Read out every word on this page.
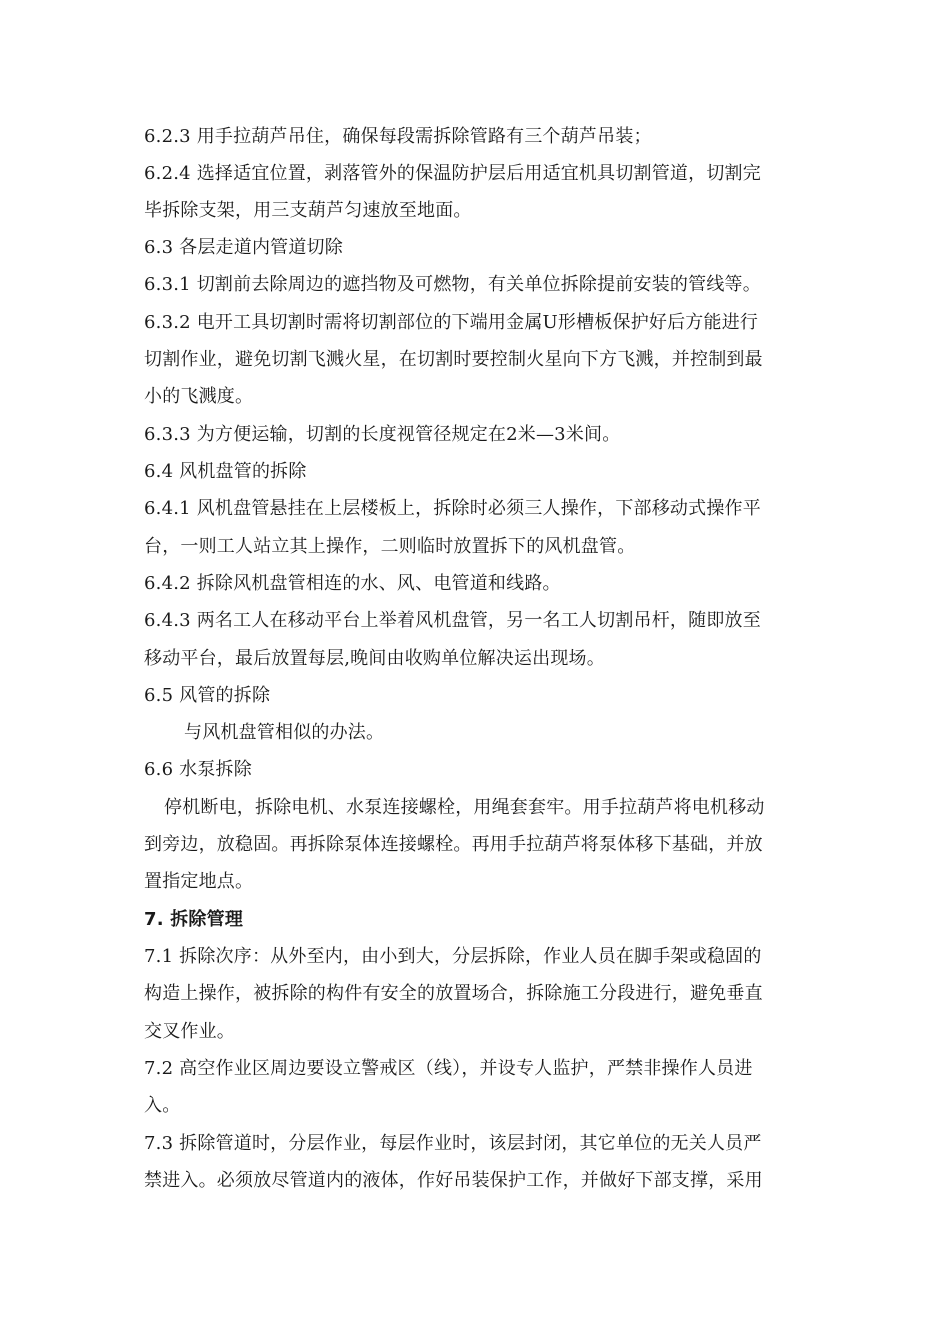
6.2.3 用手拉葫芦吊住，确保每段需拆除管路有三个葫芦吊装；
6.2.4 选择适宜位置，剥落管外的保温防护层后用适宜机具切割管道，切割完
毕拆除支架，用三支葫芦匀速放至地面。
6.3 各层走道内管道切除
6.3.1 切割前去除周边的遮挡物及可燃物，有关单位拆除提前安装的管线等。
6.3.2 电开工具切割时需将切割部位的下端用金属U形槽板保护好后方能进行
切割作业，避免切割飞溅火星，在切割时要控制火星向下方飞溅，并控制到最
小的飞溅度。
6.3.3 为方便运输，切割的长度视管径规定在2米—3米间。
6.4 风机盘管的拆除
6.4.1 风机盘管悬挂在上层楼板上，拆除时必须三人操作，下部移动式操作平
台，一则工人站立其上操作，二则临时放置拆下的风机盘管。
6.4.2 拆除风机盘管相连的水、风、电管道和线路。
6.4.3 两名工人在移动平台上举着风机盘管，另一名工人切割吊杆，随即放至
移动平台，最后放置每层,晚间由收购单位解决运出现场。
6.5 风管的拆除
与风机盘管相似的办法。
6.6 水泵拆除
停机断电，拆除电机、水泵连接螺栓，用绳套套牢。用手拉葫芦将电机移动
到旁边，放稳固。再拆除泵体连接螺栓。再用手拉葫芦将泵体移下基础，并放
置指定地点。
7. 拆除管理
7.1 拆除次序：从外至内，由小到大，分层拆除，作业人员在脚手架或稳固的
构造上操作，被拆除的构件有安全的放置场合，拆除施工分段进行，避免垂直
交叉作业。
7.2 高空作业区周边要设立警戒区（线），并设专人监护，严禁非操作人员进
入。
7.3 拆除管道时，分层作业，每层作业时，该层封闭，其它单位的无关人员严
禁进入。必须放尽管道内的液体，作好吊装保护工作，并做好下部支撑，采用
